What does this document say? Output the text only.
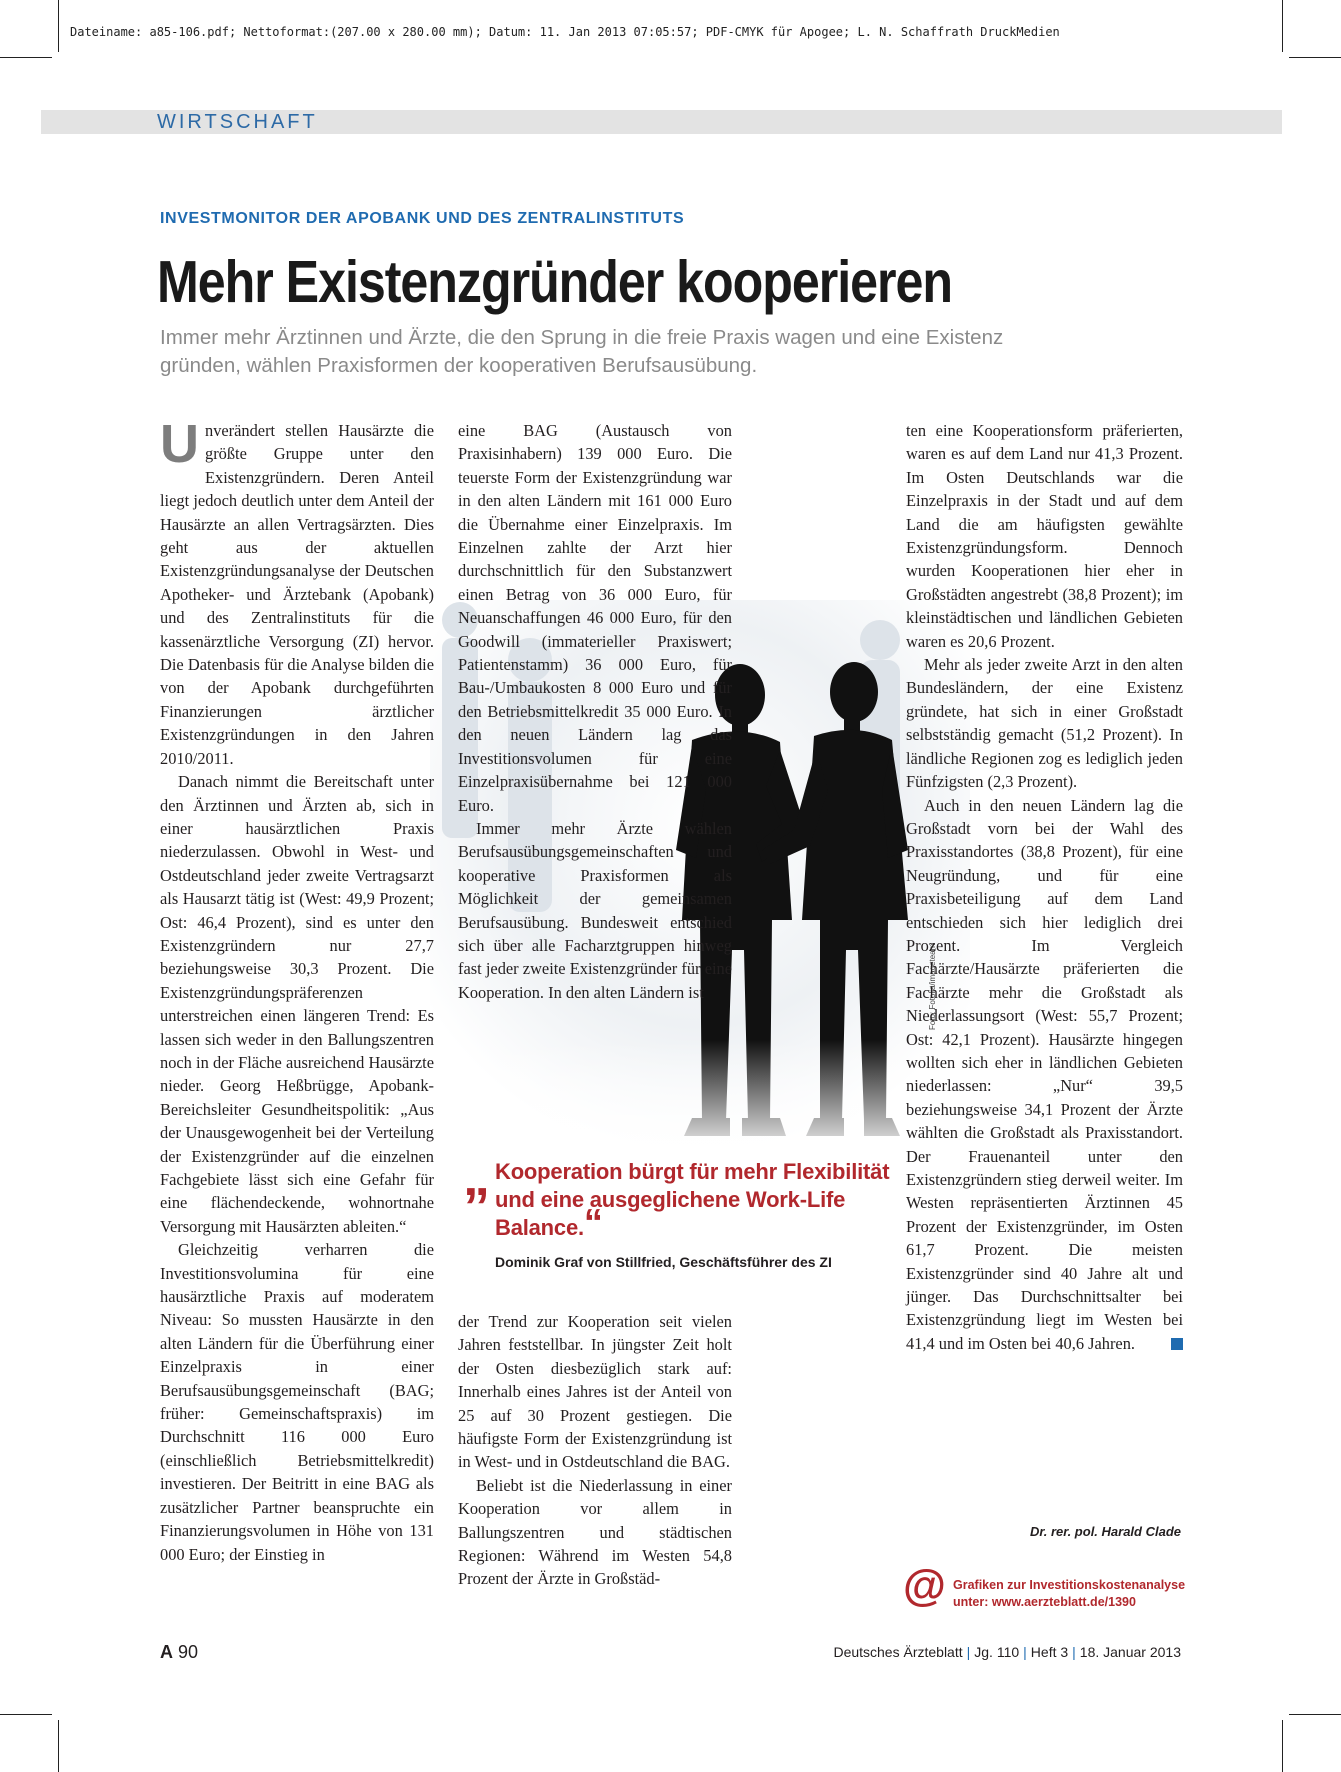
Dateiname: a85-106.pdf; Nettoformat:(207.00 x 280.00 mm); Datum: 11. Jan 2013 07:05:57; PDF-CMYK für Apogee; L. N. Schaffrath DruckMedien
WIRTSCHAFT
INVESTMONITOR DER APOBANK UND DES ZENTRALINSTITUTS
Mehr Existenzgründer kooperieren
Immer mehr Ärztinnen und Ärzte, die den Sprung in die freie Praxis wagen und eine Existenz gründen, wählen Praxisformen der kooperativen Berufsausübung.
Foto: Fotolia/imageteam

Unverändert stellen Hausärzte die größte Gruppe unter den Existenzgründern. Deren Anteil liegt jedoch deutlich unter dem Anteil der Hausärzte an allen Vertragsärzten. Dies geht aus der aktuellen Existenzgründungsanalyse der Deutschen Apotheker- und Ärztebank (Apobank) und des Zentralinstituts für die kassenärztliche Versorgung (ZI) hervor. Die Datenbasis für die Analyse bilden die von der Apobank durchgeführten Finanzierungen ärztlicher Existenzgründungen in den Jahren 2010/2011.

Danach nimmt die Bereitschaft unter den Ärztinnen und Ärzten ab, sich in einer hausärztlichen Praxis niederzulassen. Obwohl in West- und Ostdeutschland jeder zweite Vertragsarzt als Hausarzt tätig ist (West: 49,9 Prozent; Ost: 46,4 Prozent), sind es unter den Existenzgründern nur 27,7 beziehungsweise 30,3 Prozent. Die Existenzgründungspräferenzen unterstreichen einen längeren Trend: Es lassen sich weder in den Ballungszentren noch in der Fläche ausreichend Hausärzte nieder. Georg Heßbrügge, Apobank-Bereichsleiter Gesundheitspolitik: „Aus der Unausgewogenheit bei der Verteilung der Existenzgründer auf die einzelnen Fachgebiete lässt sich eine Gefahr für eine flächendeckende, wohnortnahe Versorgung mit Hausärzten ableiten.“

Gleichzeitig verharren die Investitionsvolumina für eine hausärztliche Praxis auf moderatem Niveau: So mussten Hausärzte in den alten Ländern für die Überführung einer Einzelpraxis in einer Berufsausübungsgemeinschaft (BAG; früher: Gemeinschaftspraxis) im Durchschnitt 116 000 Euro (einschließlich Betriebsmittelkredit) investieren. Der Beitritt in eine BAG als zusätzlicher Partner beanspruchte ein Finanzierungsvolumen in Höhe von 131 000 Euro; der Einstieg in

eine BAG (Austausch von Praxisinhabern) 139 000 Euro. Die teuerste Form der Existenzgründung war in den alten Ländern mit 161 000 Euro die Übernahme einer Einzelpraxis. Im Einzelnen zahlte der Arzt hier durchschnittlich für den Substanzwert einen Betrag von 36 000 Euro, für Neuanschaffungen 46 000 Euro, für den Goodwill (immaterieller Praxiswert; Patientenstamm) 36 000 Euro, für Bau-/Umbaukosten 8 000 Euro und für den Betriebsmittelkredit 35 000 Euro. In den neuen Ländern lag das Investitionsvolumen für eine Einzelpraxisübernahme bei 121 000 Euro.

Immer mehr Ärzte wählen Berufsausübungsgemeinschaften und kooperative Praxisformen als Möglichkeit der gemeinsamen Berufsausübung. Bundesweit entschied sich über alle Facharztgruppen hinweg fast jeder zweite Existenzgründer für eine Kooperation. In den alten Ländern ist

„ Kooperation bürgt für mehr Flexibilität und eine ausgeglichene Work-Life Balance.“
Dominik Graf von Stillfried, Geschäftsführer des ZI

der Trend zur Kooperation seit vielen Jahren feststellbar. In jüngster Zeit holt der Osten diesbezüglich stark auf: Innerhalb eines Jahres ist der Anteil von 25 auf 30 Prozent gestiegen. Die häufigste Form der Existenzgründung ist in West- und in Ostdeutschland die BAG.

Beliebt ist die Niederlassung in einer Kooperation vor allem in Ballungszentren und städtischen Regionen: Während im Westen 54,8 Prozent der Ärzte in Großstäd-

ten eine Kooperationsform präferierten, waren es auf dem Land nur 41,3 Prozent. Im Osten Deutschlands war die Einzelpraxis in der Stadt und auf dem Land die am häufigsten gewählte Existenzgründungsform. Dennoch wurden Kooperationen hier eher in Großstädten angestrebt (38,8 Prozent); im kleinstädtischen und ländlichen Gebieten waren es 20,6 Prozent.

Mehr als jeder zweite Arzt in den alten Bundesländern, der eine Existenz gründete, hat sich in einer Großstadt selbstständig gemacht (51,2 Prozent). In ländliche Regionen zog es lediglich jeden Fünfzigsten (2,3 Prozent).

Auch in den neuen Ländern lag die Großstadt vorn bei der Wahl des Praxisstandortes (38,8 Prozent), für eine Neugründung, und für eine Praxisbeteiligung auf dem Land entschieden sich hier lediglich drei Prozent. Im Vergleich Fachärzte/Hausärzte präferierten die Fachärzte mehr die Großstadt als Niederlassungsort (West: 55,7 Prozent; Ost: 42,1 Prozent). Hausärzte hingegen wollten sich eher in ländlichen Gebieten niederlassen: „Nur“ 39,5 beziehungsweise 34,1 Prozent der Ärzte wählten die Großstadt als Praxisstandort. Der Frauenanteil unter den Existenzgründern stieg derweil weiter. Im Westen repräsentierten Ärztinnen 45 Prozent der Existenzgründer, im Osten 61,7 Prozent. Die meisten Existenzgründer sind 40 Jahre alt und jünger. Das Durchschnittsalter bei Existenzgründung liegt im Westen bei 41,4 und im Osten bei 40,6 Jahren.

Dr. rer. pol. Harald Clade
@ Grafiken zur Investitionskostenanalyse
unter: www.aerzteblatt.de/1390
A 90	Deutsches Ärzteblatt | Jg. 110 | Heft 3 | 18. Januar 2013
